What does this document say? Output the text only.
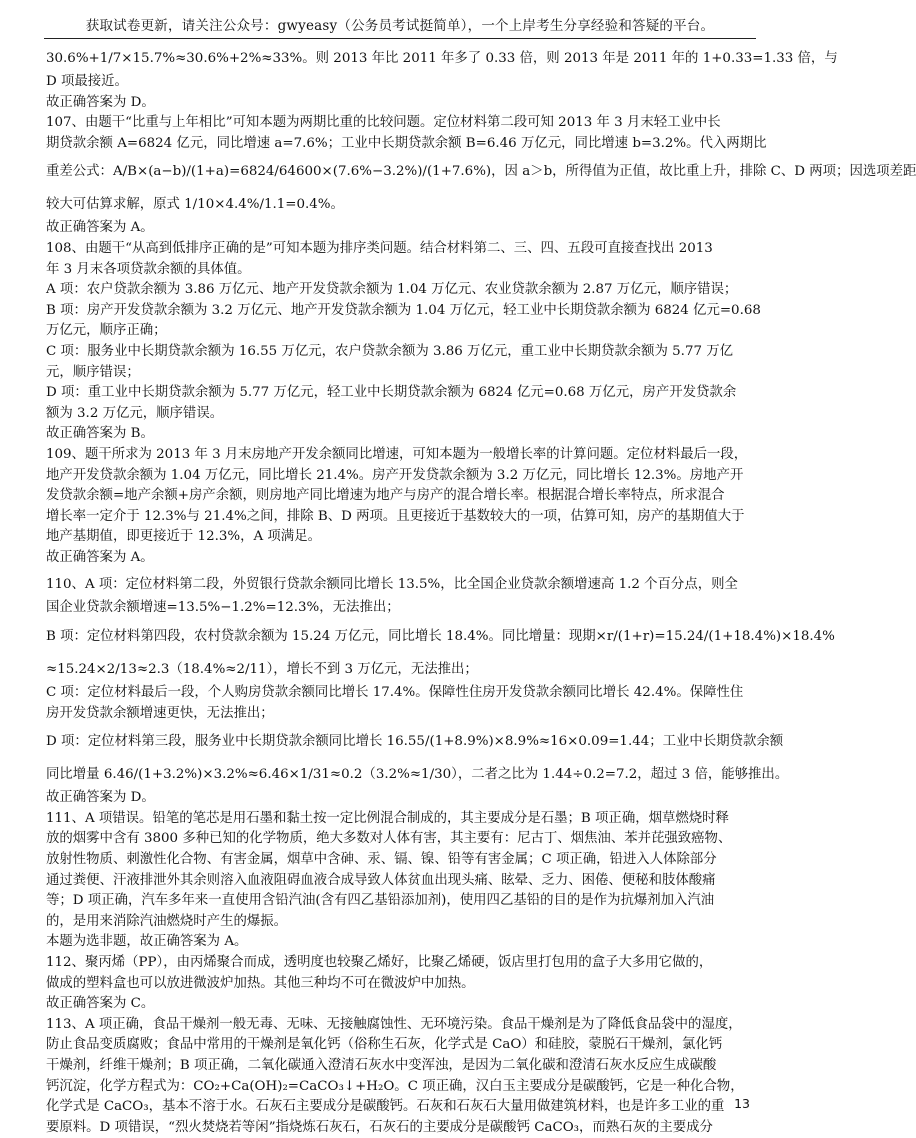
获取试卷更新，请关注公众号：gwyeasy（公务员考试挺简单），一个上岸考生分享经验和答疑的平台。
30.6%+1/7×15.7%≈30.6%+2%≈33%。则 2013 年比 2011 年多了 0.33 倍，则 2013 年是 2011 年的 1+0.33=1.33 倍，与
D 项最接近。
故正确答案为 D。
107、由题干“比重与上年相比”可知本题为两期比重的比较问题。定位材料第二段可知 2013 年 3 月末轻工业中长
期贷款余额 A=6824 亿元，同比增速 a=7.6%；工业中长期贷款余额 B=6.46 万亿元，同比增速 b=3.2%。代入两期比
重差公式：A/B×(a−b)/(1+a)=6824/64600×(7.6%−3.2%)/(1+7.6%)，因 a＞b，所得值为正值，故比重上升，排除 C、D 两项；因选项差距
较大可估算求解，原式 1/10×4.4%/1.1=0.4%。
故正确答案为 A。
108、由题干“从高到低排序正确的是”可知本题为排序类问题。结合材料第二、三、四、五段可直接查找出 2013
年 3 月末各项贷款余额的具体值。
A 项：农户贷款余额为 3.86 万亿元、地产开发贷款余额为 1.04 万亿元、农业贷款余额为 2.87 万亿元，顺序错误；
B 项：房产开发贷款余额为 3.2 万亿元、地产开发贷款余额为 1.04 万亿元，轻工业中长期贷款余额为 6824 亿元=0.68
万亿元，顺序正确；
C 项：服务业中长期贷款余额为 16.55 万亿元，农户贷款余额为 3.86 万亿元，重工业中长期贷款余额为 5.77 万亿
元，顺序错误；
D 项：重工业中长期贷款余额为 5.77 万亿元，轻工业中长期贷款余额为 6824 亿元=0.68 万亿元，房产开发贷款余
额为 3.2 万亿元，顺序错误。
故正确答案为 B。
109、题干所求为 2013 年 3 月末房地产开发余额同比增速，可知本题为一般增长率的计算问题。定位材料最后一段，
地产开发贷款余额为 1.04 万亿元，同比增长 21.4%。房产开发贷款余额为 3.2 万亿元，同比增长 12.3%。房地产开
发贷款余额=地产余额+房产余额，则房地产同比增速为地产与房产的混合增长率。根据混合增长率特点，所求混合
增长率一定介于 12.3%与 21.4%之间，排除 B、D 两项。且更接近于基数较大的一项，估算可知，房产的基期值大于
地产基期值，即更接近于 12.3%，A 项满足。
故正确答案为 A。
110、A 项：定位材料第二段，外贸银行贷款余额同比增长 13.5%，比全国企业贷款余额增速高 1.2 个百分点，则全
国企业贷款余额增速=13.5%−1.2%=12.3%，无法推出；
B 项：定位材料第四段，农村贷款余额为 15.24 万亿元，同比增长 18.4%。同比增量：现期×r/(1+r)=15.24/(1+18.4%)×18.4%
≈15.24×2/13≈2.3（18.4%≈2/11），增长不到 3 万亿元，无法推出；
C 项：定位材料最后一段，个人购房贷款余额同比增长 17.4%。保障性住房开发贷款余额同比增长 42.4%。保障性住
房开发贷款余额增速更快，无法推出；
D 项：定位材料第三段，服务业中长期贷款余额同比增长 16.55/(1+8.9%)×8.9%≈16×0.09=1.44；工业中长期贷款余额
同比增量 6.46/(1+3.2%)×3.2%≈6.46×1/31≈0.2（3.2%≈1/30），二者之比为 1.44÷0.2=7.2，超过 3 倍，能够推出。
故正确答案为 D。
111、A 项错误。铅笔的笔芯是用石墨和黏土按一定比例混合制成的，其主要成分是石墨；B 项正确，烟草燃烧时释
放的烟雾中含有 3800 多种已知的化学物质，绝大多数对人体有害，其主要有：尼古丁、烟焦油、苯并芘强致癌物、
放射性物质、刺激性化合物、有害金属，烟草中含砷、汞、镉、镍、铅等有害金属；C 项正确，铅进入人体除部分
通过粪便、汗液排泄外其余则溶入血液阻碍血液合成导致人体贫血出现头痛、眩晕、乏力、困倦、便秘和肢体酸痛
等；D 项正确，汽车多年来一直使用含铅汽油(含有四乙基铅添加剂)，使用四乙基铅的目的是作为抗爆剂加入汽油
的，是用来消除汽油燃烧时产生的爆振。
本题为选非题，故正确答案为 A。
112、聚丙烯（PP），由丙烯聚合而成，透明度也较聚乙烯好，比聚乙烯硬，饭店里打包用的盒子大多用它做的，
做成的塑料盒也可以放进微波炉加热。其他三种均不可在微波炉中加热。
故正确答案为 C。
113、A 项正确，食品干燥剂一般无毒、无味、无接触腐蚀性、无环境污染。食品干燥剂是为了降低食品袋中的湿度，
防止食品变质腐败；食品中常用的干燥剂是氧化钙（俗称生石灰，化学式是 CaO）和硅胶，蒙脱石干燥剂，氯化钙
干燥剂，纤维干燥剂；B 项正确，二氧化碳通入澄清石灰水中变浑浊，是因为二氧化碳和澄清石灰水反应生成碳酸
钙沉淀，化学方程式为：CO₂+Ca(OH)₂=CaCO₃↓+H₂O。C 项正确，汉白玉主要成分是碳酸钙，它是一种化合物，
化学式是 CaCO₃，基本不溶于水。石灰石主要成分是碳酸钙。石灰和石灰石大量用做建筑材料，也是许多工业的重
要原料。D 项错误，“烈火焚烧若等闲”指烧炼石灰石，石灰石的主要成分是碳酸钙 CaCO₃，而熟石灰的主要成分
13
